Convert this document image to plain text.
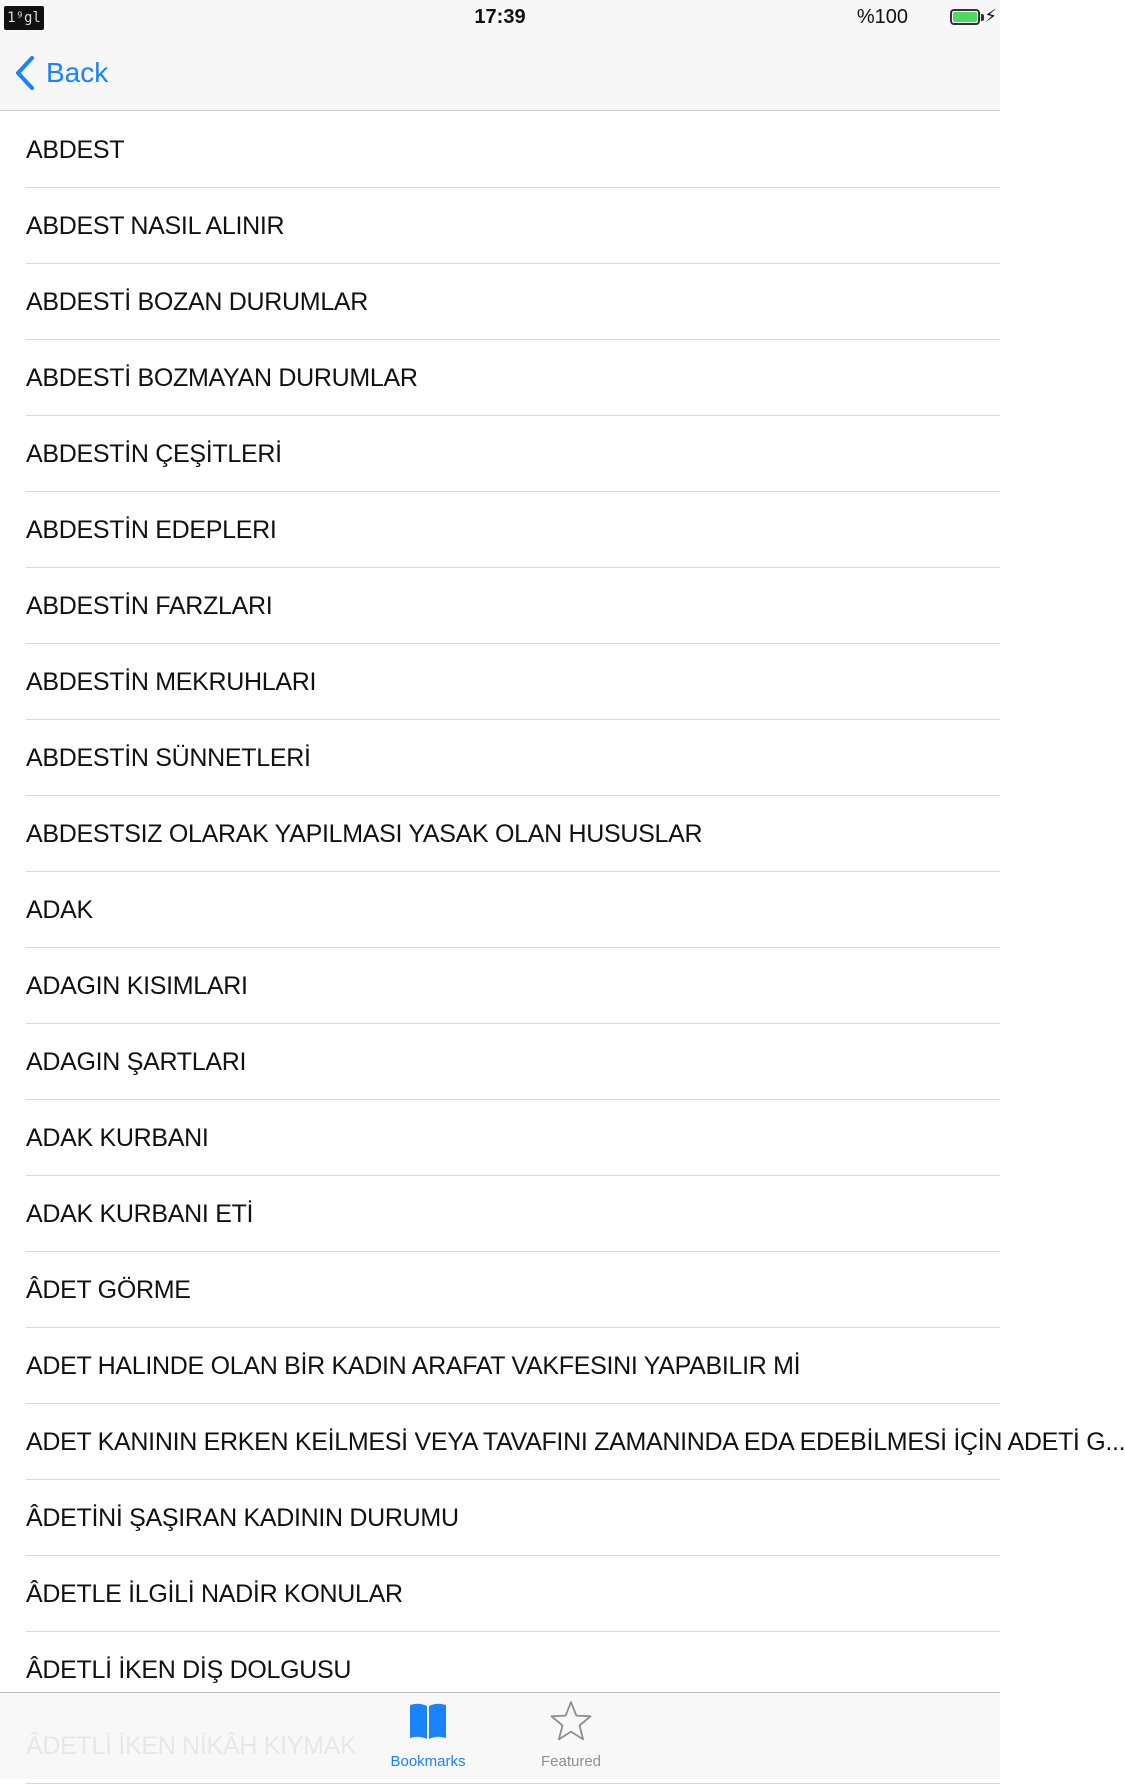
1⁹gl	17:39	%100	⚡︎
Back
ABDEST
ABDEST NASIL ALINIR
ABDESTİ BOZAN DURUMLAR
ABDESTİ BOZMAYAN DURUMLAR
ABDESTİN ÇEŞİTLERİ
ABDESTİN EDEPLERI
ABDESTİN FARZLARI
ABDESTİN MEKRUHLARI
ABDESTİN SÜNNETLERİ
ABDESTSIZ OLARAK YAPILMASI YASAK OLAN HUSUSLAR
ADAK
ADAGIN KISIMLARI
ADAGIN ŞARTLARI
ADAK KURBANI
ADAK KURBANI ETİ
ÂDET GÖRME
ADET HALINDE OLAN BİR KADIN ARAFAT VAKFESINI YAPABILIR Mİ
ADET KANININ ERKEN KEİLMESİ VEYA TAVAFINI ZAMANINDA EDA EDEBİLMESİ İÇİN ADETİ G...
ÂDETİNİ ŞAŞIRAN KADININ DURUMU
ÂDETLE İLGİLİ NADİR KONULAR
ÂDETLİ İKEN DİŞ DOLGUSU
Bookmarks	Featured
